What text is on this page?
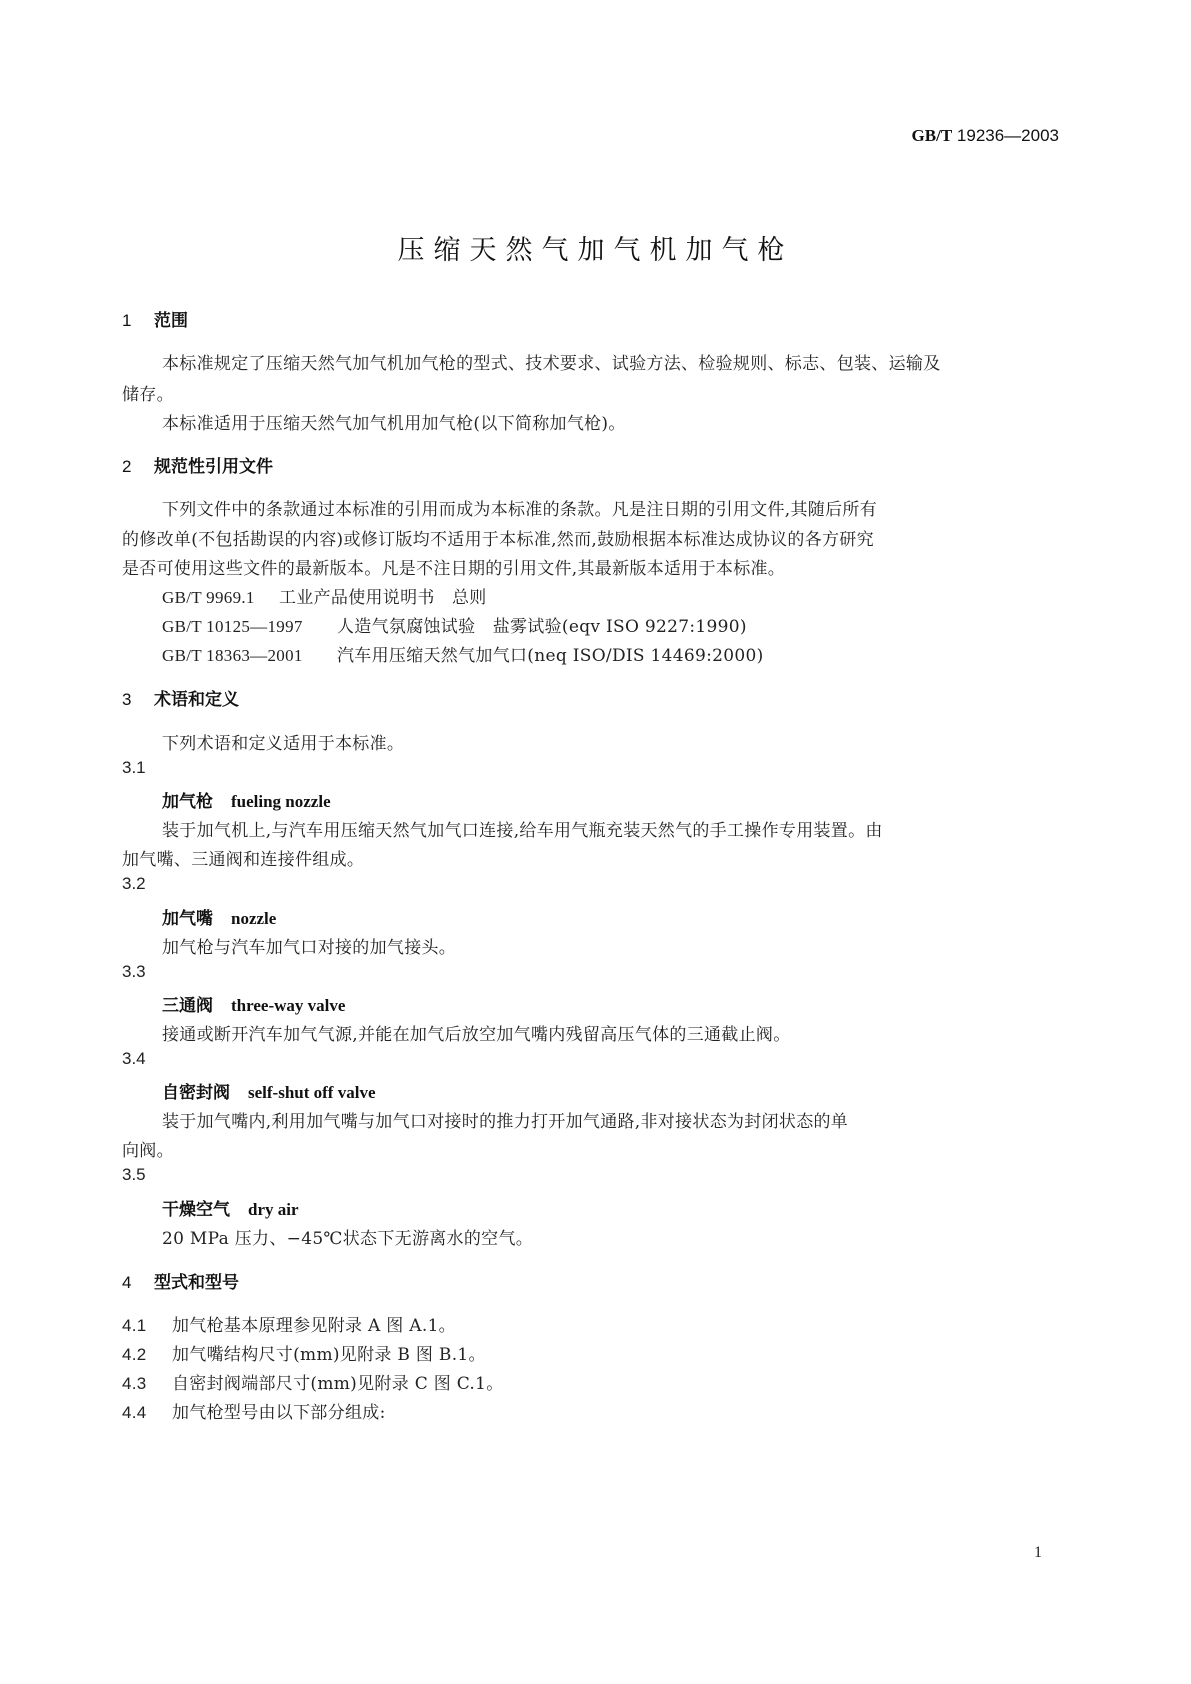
GB/T 19236—2003
压缩天然气加气机加气枪
1 范围
本标准规定了压缩天然气加气机加气枪的型式、技术要求、试验方法、检验规则、标志、包装、运输及
储存。
本标准适用于压缩天然气加气机用加气枪(以下简称加气枪)。
2 规范性引用文件
下列文件中的条款通过本标准的引用而成为本标准的条款。凡是注日期的引用文件,其随后所有
的修改单(不包括勘误的内容)或修订版均不适用于本标准,然而,鼓励根据本标准达成协议的各方研究
是否可使用这些文件的最新版本。凡是不注日期的引用文件,其最新版本适用于本标准。
GB/T 9969.1 工业产品使用说明书　总则
GB/T 10125—1997 人造气氛腐蚀试验　盐雾试验(eqv ISO 9227:1990)
GB/T 18363—2001 汽车用压缩天然气加气口(neq ISO/DIS 14469:2000)
3 术语和定义
下列术语和定义适用于本标准。
3.1
加气枪 fueling nozzle
装于加气机上,与汽车用压缩天然气加气口连接,给车用气瓶充装天然气的手工操作专用装置。由
加气嘴、三通阀和连接件组成。
3.2
加气嘴 nozzle
加气枪与汽车加气口对接的加气接头。
3.3
三通阀 three-way valve
接通或断开汽车加气气源,并能在加气后放空加气嘴内残留高压气体的三通截止阀。
3.4
自密封阀 self-shut off valve
装于加气嘴内,利用加气嘴与加气口对接时的推力打开加气通路,非对接状态为封闭状态的单
向阀。
3.5
干燥空气 dry air
20 MPa 压力、−45℃状态下无游离水的空气。
4 型式和型号
4.1 加气枪基本原理参见附录 A 图 A.1。
4.2 加气嘴结构尺寸(mm)见附录 B 图 B.1。
4.3 自密封阀端部尺寸(mm)见附录 C 图 C.1。
4.4 加气枪型号由以下部分组成:
1
